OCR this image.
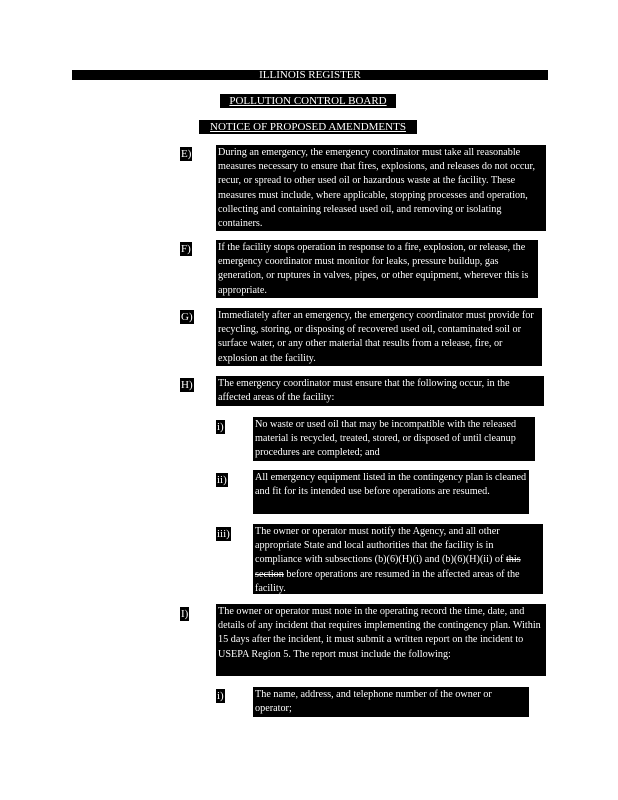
ILLINOIS REGISTER
POLLUTION CONTROL BOARD
NOTICE OF PROPOSED AMENDMENTS
E)	During an emergency, the emergency coordinator must take all reasonable measures necessary to ensure that fires, explosions, and releases do not occur, recur, or spread to other used oil or hazardous waste at the facility. These measures must include, where applicable, stopping processes and operation, collecting and containing released used oil, and removing or isolating containers.
F)	If the facility stops operation in response to a fire, explosion, or release, the emergency coordinator must monitor for leaks, pressure buildup, gas generation, or ruptures in valves, pipes, or other equipment, wherever this is appropriate.
G) Immediately after an emergency, the emergency coordinator must provide for recycling, storing, or disposing of recovered used oil, contaminated soil or surface water, or any other material that results from a release, fire, or explosion at the facility.
H) The emergency coordinator must ensure that the following occur, in the affected areas of the facility:
i)	No waste or used oil that may be incompatible with the released material is recycled, treated, stored, or disposed of until cleanup procedures are completed; and
ii)	All emergency equipment listed in the contingency plan is cleaned and fit for its intended use before operations are resumed.
iii) The owner or operator must notify the Agency, and all other appropriate State and local authorities that the facility is in compliance with subsections (b)(6)(H)(i) and (b)(6)(H)(ii) of this section before operations are resumed in the affected areas of the facility.
I)	The owner or operator must note in the operating record the time, date, and details of any incident that requires implementing the contingency plan. Within 15 days after the incident, it must submit a written report on the incident to USEPA Region 5. The report must include the following:
i)	The name, address, and telephone number of the owner or operator;
